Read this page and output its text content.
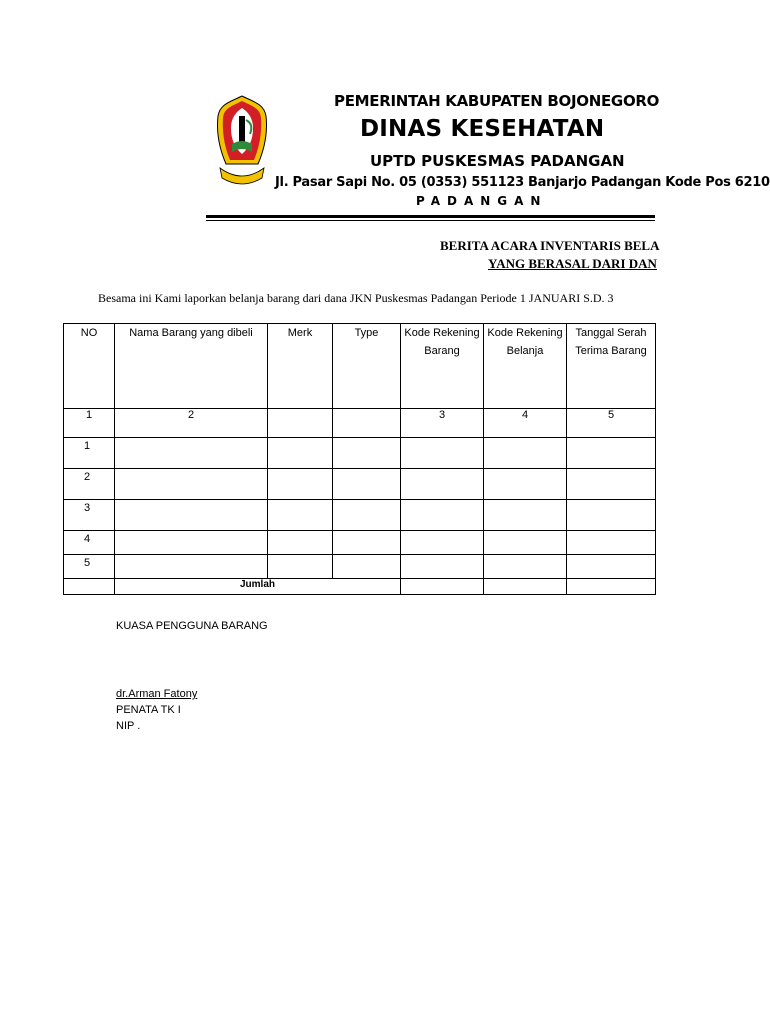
PEMERINTAH KABUPATEN BOJONEGORO
DINAS KESEHATAN
UPTD PUSKESMAS PADANGAN
Jl. Pasar Sapi No. 05 (0353) 551123 Banjarjo Padangan Kode Pos 6210
PADANGAN
BERITA ACARA INVENTARIS BELA
YANG BERASAL DARI DAN
Besama ini Kami laporkan belanja barang dari dana JKN Puskesmas Padangan Periode 1 JANUARI S.D. 3
NO	Nama Barang yang dibeli	Merk	Type	Kode Rekening Barang	Kode Rekening Belanja	Tanggal Serah Terima Barang
1	2			3	4	5
1						
2						
3						
4						
5						
	Jumlah					
KUASA PENGGUNA BARANG
dr.Arman Fatony
PENATA TK I
NIP .
